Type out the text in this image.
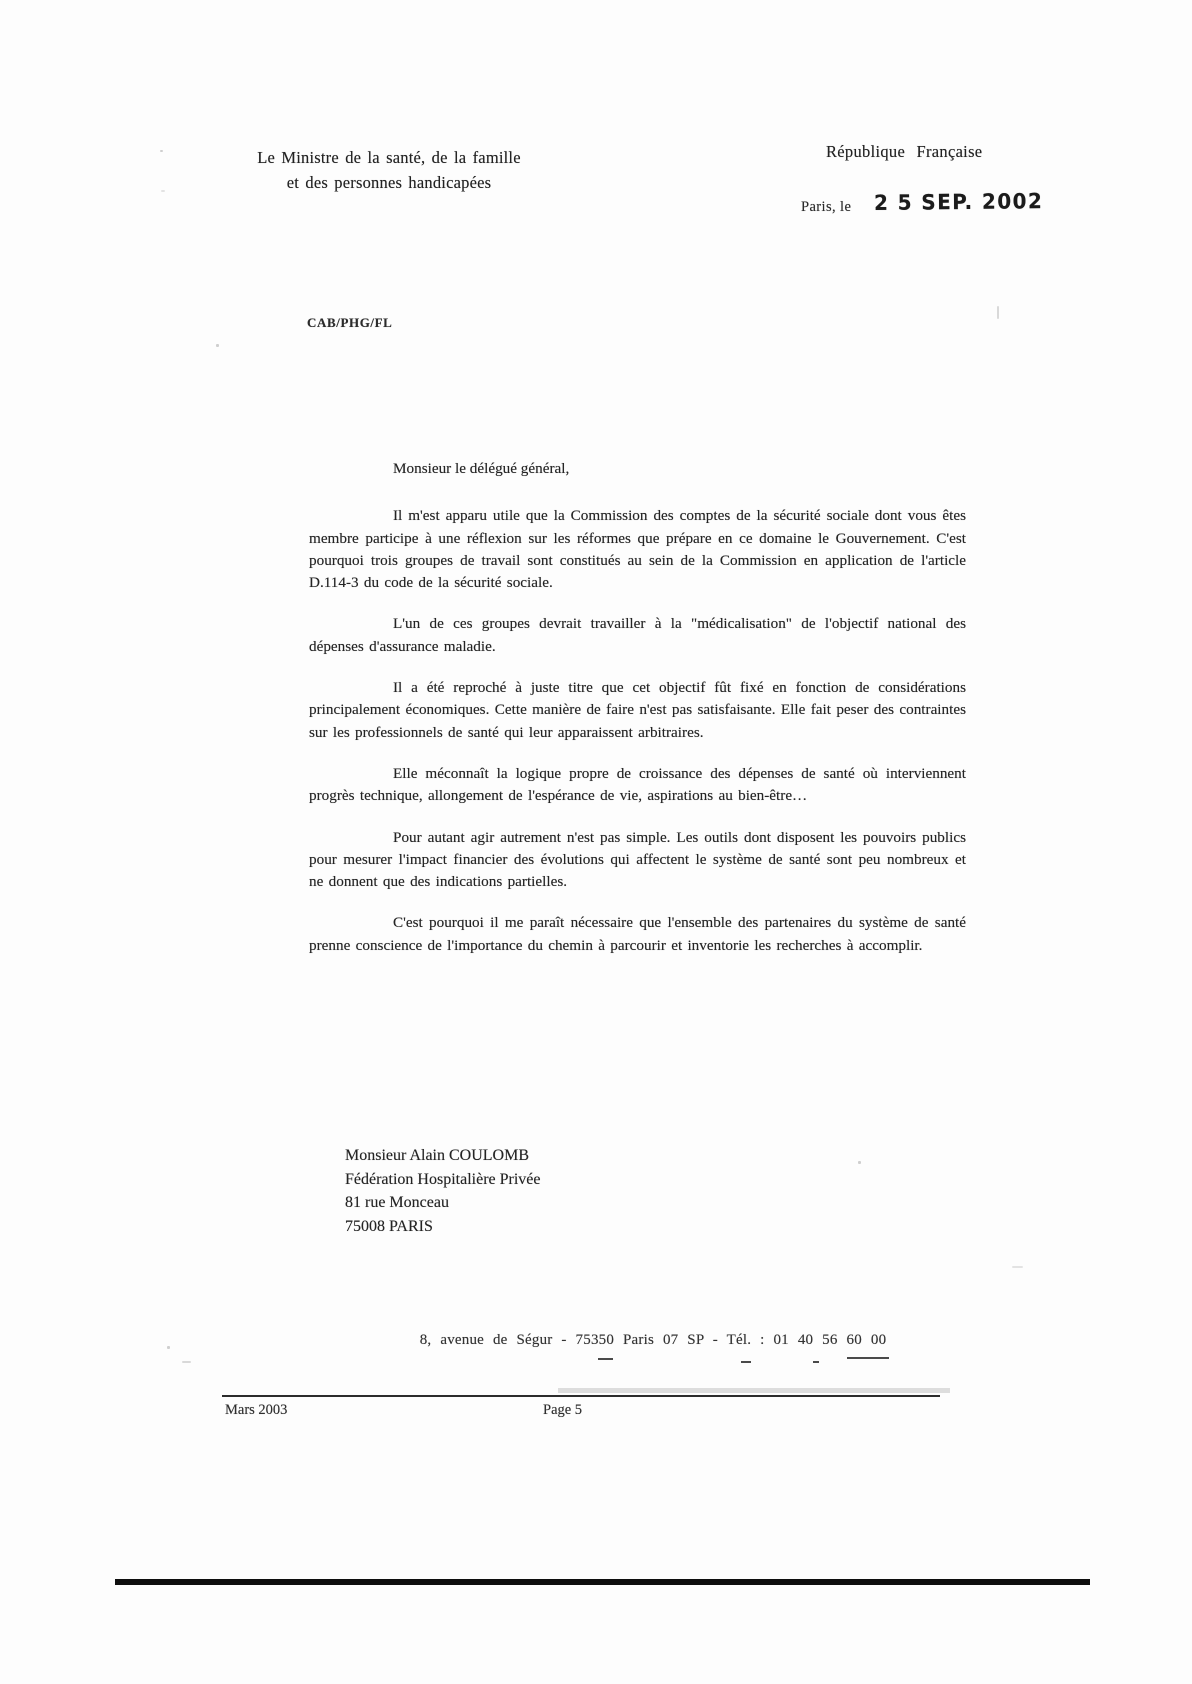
Le Ministre de la santé, de la famille
et des personnes handicapées
République Française
Paris, le 2 5 SEP. 2002
CAB/PHG/FL

Monsieur le délégué général,

Il m'est apparu utile que la Commission des comptes de la sécurité sociale dont vous êtes membre participe à une réflexion sur les réformes que prépare en ce domaine le Gouvernement. C'est pourquoi trois groupes de travail sont constitués au sein de la Commission en application de l'article D.114-3 du code de la sécurité sociale.

L'un de ces groupes devrait travailler à la "médicalisation" de l'objectif national des dépenses d'assurance maladie.

Il a été reproché à juste titre que cet objectif fût fixé en fonction de considérations principalement économiques. Cette manière de faire n'est pas satisfaisante. Elle fait peser des contraintes sur les professionnels de santé qui leur apparaissent arbitraires.

Elle méconnaît la logique propre de croissance des dépenses de santé où interviennent progrès technique, allongement de l'espérance de vie, aspirations au bien-être…

Pour autant agir autrement n'est pas simple. Les outils dont disposent les pouvoirs publics pour mesurer l'impact financier des évolutions qui affectent le système de santé sont peu nombreux et ne donnent que des indications partielles.

C'est pourquoi il me paraît nécessaire que l'ensemble des partenaires du système de santé prenne conscience de l'importance du chemin à parcourir et inventorie les recherches à accomplir.

Monsieur Alain COULOMB
Fédération Hospitalière Privée
81 rue Monceau
75008 PARIS
8, avenue de Ségur - 75350 Paris 07 SP - Tél. : 01 40 56 60 00
Mars 2003	Page 5
